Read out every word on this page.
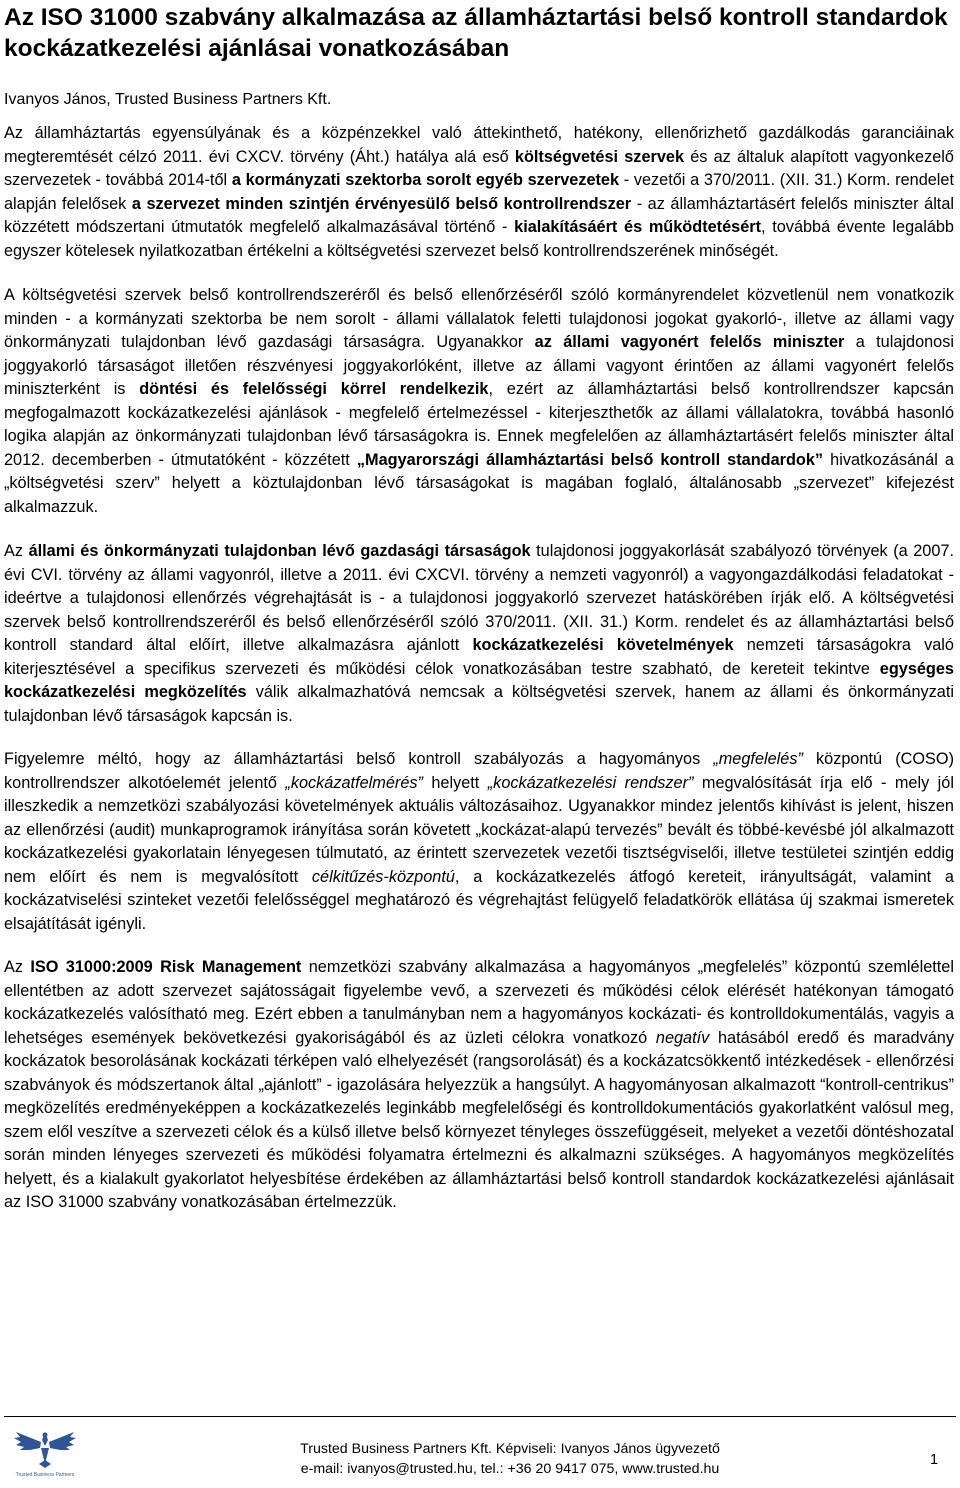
Az ISO 31000 szabvány alkalmazása az államháztartási belső kontroll standardok kockázatkezelési ajánlásai vonatkozásában

Ivanyos János, Trusted Business Partners Kft.

Az államháztartás egyensúlyának és a közpénzekkel való áttekinthető, hatékony, ellenőrizhető gazdálkodás garanciáinak megteremtését célzó 2011. évi CXCV. törvény (Áht.) hatálya alá eső költségvetési szervek és az általuk alapított vagyonkezelő szervezetek - továbbá 2014-től a kormányzati szektorba sorolt egyéb szervezetek - vezetői a 370/2011. (XII. 31.) Korm. rendelet alapján felelősek a szervezet minden szintjén érvényesülő belső kontrollrendszer - az államháztartásért felelős miniszter által közzétett módszertani útmutatók megfelelő alkalmazásával történő - kialakításáért és működtetésért, továbbá évente legalább egyszer kötelesek nyilatkozatban értékelni a költségvetési szervezet belső kontrollrendszerének minőségét.

A költségvetési szervek belső kontrollrendszeréről és belső ellenőrzéséről szóló kormányrendelet közvetlenül nem vonatkozik minden - a kormányzati szektorba be nem sorolt - állami vállalatok feletti tulajdonosi jogokat gyakorló-, illetve az állami vagy önkormányzati tulajdonban lévő gazdasági társaságra. Ugyanakkor az állami vagyonért felelős miniszter a tulajdonosi joggyakorló társaságot illetően részvényesi joggyakorlóként, illetve az állami vagyont érintően az állami vagyonért felelős miniszterként is döntési és felelősségi körrel rendelkezik, ezért az államháztartási belső kontrollrendszer kapcsán megfogalmazott kockázatkezelési ajánlások - megfelelő értelmezéssel - kiterjeszthetők az állami vállalatokra, továbbá hasonló logika alapján az önkormányzati tulajdonban lévő társaságokra is. Ennek megfelelően az államháztartásért felelős miniszter által 2012. decemberben - útmutatóként - közzétett „Magyarországi államháztartási belső kontroll standardok” hivatkozásánál a „költségvetési szerv” helyett a köztulajdonban lévő társaságokat is magában foglaló, általánosabb „szervezet” kifejezést alkalmazzuk.

Az állami és önkormányzati tulajdonban lévő gazdasági társaságok tulajdonosi joggyakorlását szabályozó törvények (a 2007. évi CVI. törvény az állami vagyonról, illetve a 2011. évi CXCVI. törvény a nemzeti vagyonról) a vagyongazdálkodási feladatokat - ideértve a tulajdonosi ellenőrzés végrehajtását is - a tulajdonosi joggyakorló szervezet hatáskörében írják elő. A költségvetési szervek belső kontrollrendszeréről és belső ellenőrzéséről szóló 370/2011. (XII. 31.) Korm. rendelet és az államháztartási belső kontroll standard által előírt, illetve alkalmazásra ajánlott kockázatkezelési követelmények nemzeti társaságokra való kiterjesztésével a specifikus szervezeti és működési célok vonatkozásában testre szabható, de kereteit tekintve egységes kockázatkezelési megközelítés válik alkalmazhatóvá nemcsak a költségvetési szervek, hanem az állami és önkormányzati tulajdonban lévő társaságok kapcsán is.

Figyelemre méltó, hogy az államháztartási belső kontroll szabályozás a hagyományos „megfelelés” központú (COSO) kontrollrendszer alkotóelemét jelentő „kockázatfelmérés” helyett „kockázatkezelési rendszer” megvalósítását írja elő - mely jól illeszkedik a nemzetközi szabályozási követelmények aktuális változásaihoz. Ugyanakkor mindez jelentős kihívást is jelent, hiszen az ellenőrzési (audit) munkaprogramok irányítása során követett „kockázat-alapú tervezés” bevált és többé-kevésbé jól alkalmazott kockázatkezelési gyakorlatain lényegesen túlmutató, az érintett szervezetek vezetői tisztségviselői, illetve testületei szintjén eddig nem előírt és nem is megvalósított célkitűzés-központú, a kockázatkezelés átfogó kereteit, irányultságát, valamint a kockázatviselési szinteket vezetői felelősséggel meghatározó és végrehajtást felügyelő feladatkörök ellátása új szakmai ismeretek elsajátítását igényli.

Az ISO 31000:2009 Risk Management nemzetközi szabvány alkalmazása a hagyományos „megfelelés” központú szemlélettel ellentétben az adott szervezet sajátosságait figyelembe vevő, a szervezeti és működési célok elérését hatékonyan támogató kockázatkezelés valósítható meg. Ezért ebben a tanulmányban nem a hagyományos kockázati- és kontrolldokumentálás, vagyis a lehetséges események bekövetkezési gyakoriságából és az üzleti célokra vonatkozó negatív hatásából eredő és maradvány kockázatok besorolásának kockázati térképen való elhelyezését (rangsorolását) és a kockázatcsökkentő intézkedések - ellenőrzési szabványok és módszertanok által „ajánlott” - igazolására helyezzük a hangsúlyt. A hagyományosan alkalmazott “kontroll-centrikus” megközelítés eredményeképpen a kockázatkezelés leginkább megfelelőségi és kontrolldokumentációs gyakorlatként valósul meg, szem elől veszítve a szervezeti célok és a külső illetve belső környezet tényleges összefüggéseit, melyeket a vezetői döntéshozatal során minden lényeges szervezeti és működési folyamatra értelmezni és alkalmazni szükséges. A hagyományos megközelítés helyett, és a kialakult gyakorlatot helyesbítése érdekében az államháztartási belső kontroll standardok kockázatkezelési ajánlásait az ISO 31000 szabvány vonatkozásában értelmezzük.

Trusted Business Partners
Trusted Business Partners Kft. Képviseli: Ivanyos János ügyvezető
e-mail: ivanyos@trusted.hu, tel.: +36 20 9417 075, www.trusted.hu
1
